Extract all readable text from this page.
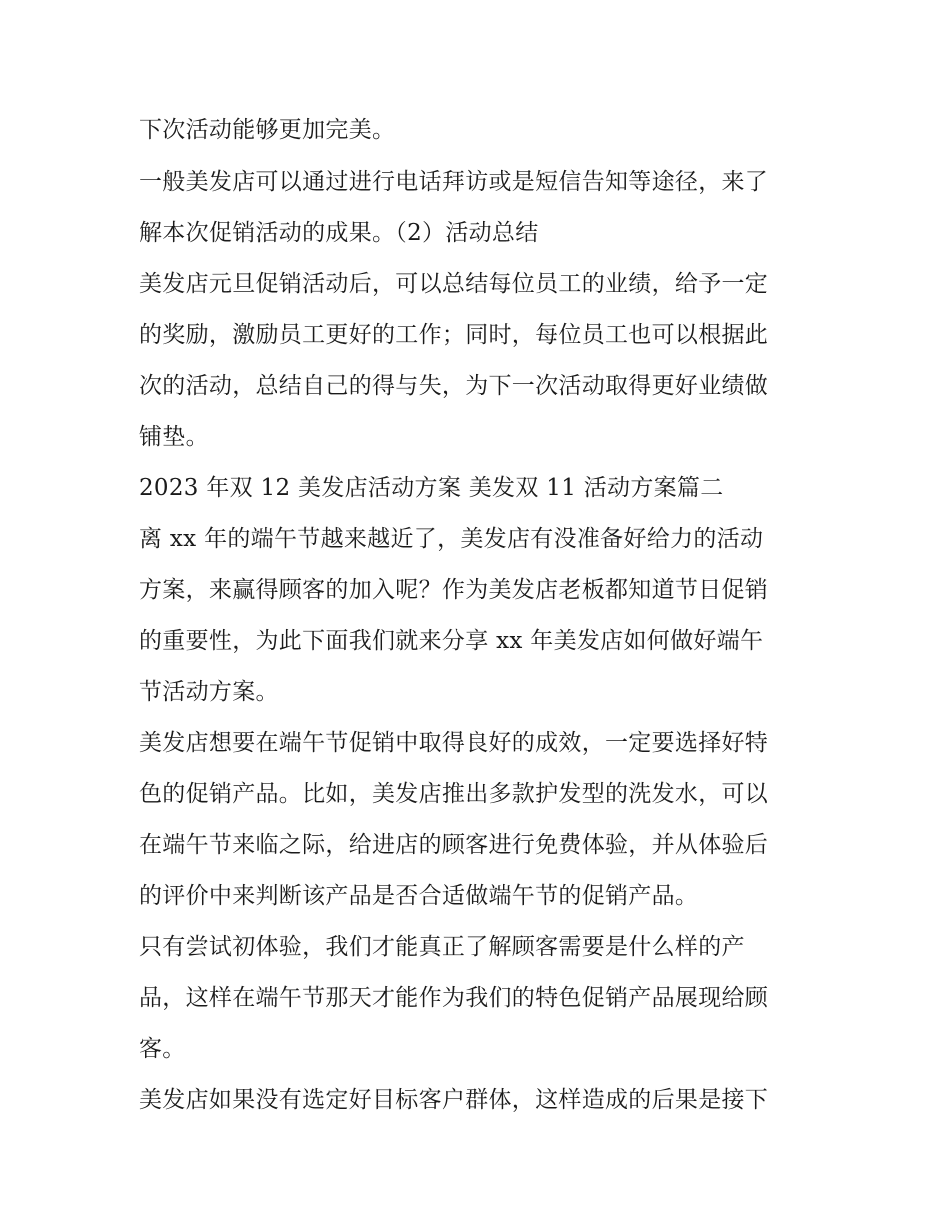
下次活动能够更加完美。
一般美发店可以通过进行电话拜访或是短信告知等途径，来了
解本次促销活动的成果。（2）活动总结
美发店元旦促销活动后，可以总结每位员工的业绩，给予一定
的奖励，激励员工更好的工作；同时，每位员工也可以根据此
次的活动，总结自己的得与失，为下一次活动取得更好业绩做
铺垫。
2023 年双 12 美发店活动方案 美发双 11 活动方案篇二
离 xx 年的端午节越来越近了，美发店有没准备好给力的活动
方案，来赢得顾客的加入呢？作为美发店老板都知道节日促销
的重要性，为此下面我们就来分享 xx 年美发店如何做好端午
节活动方案。
美发店想要在端午节促销中取得良好的成效，一定要选择好特
色的促销产品。比如，美发店推出多款护发型的洗发水，可以
在端午节来临之际，给进店的顾客进行免费体验，并从体验后
的评价中来判断该产品是否合适做端午节的促销产品。
只有尝试初体验，我们才能真正了解顾客需要是什么样的产
品，这样在端午节那天才能作为我们的特色促销产品展现给顾
客。
美发店如果没有选定好目标客户群体，这样造成的后果是接下
